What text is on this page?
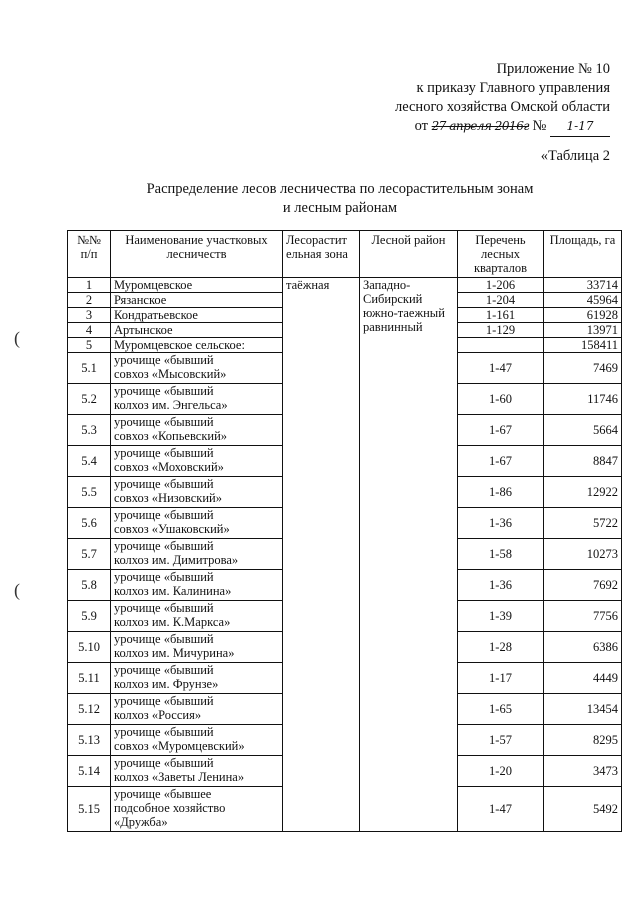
Приложение № 10
к приказу Главного управления
лесного хозяйства Омской области
от 27 апреля 2016г № 1-17
«Таблица 2
Распределение лесов лесничества по лесорастительным зонам
и лесным районам
(
(
№№ п/п	Наименование участковых лесничеств	Лесорастит ельная зона	Лесной район	Перечень лесных кварталов	Площадь, га
1	Муромцевское	таёжная	Западно-Сибирский южно-таежный равнинный	1-206	33714
2	Рязанское			1-204	45964
3	Кондратьевское			1-161	61928
4	Артынское			1-129	13971
5	Муромцевское сельское:				158411
5.1	урочище «бывший
совхоз «Мысовский»			1-47	7469
5.2	урочище «бывший
колхоз им. Энгельса»			1-60	11746
5.3	урочище «бывший
совхоз «Копьевский»			1-67	5664
5.4	урочище «бывший
совхоз «Моховский»			1-67	8847
5.5	урочище «бывший
совхоз «Низовский»			1-86	12922
5.6	урочище «бывший
совхоз «Ушаковский»			1-36	5722
5.7	урочище «бывший
колхоз им. Димитрова»			1-58	10273
5.8	урочище «бывший
колхоз им. Калинина»			1-36	7692
5.9	урочище «бывший
колхоз им. К.Маркса»			1-39	7756
5.10	урочище «бывший
колхоз им. Мичурина»			1-28	6386
5.11	урочище «бывший
колхоз им. Фрунзе»			1-17	4449
5.12	урочище «бывший
колхоз «Россия»			1-65	13454
5.13	урочище «бывший
совхоз «Муромцевский»			1-57	8295
5.14	урочище «бывший
колхоз «Заветы Ленина»			1-20	3473
5.15	урочище «бывшее
подсобное хозяйство
«Дружба»			1-47	5492
